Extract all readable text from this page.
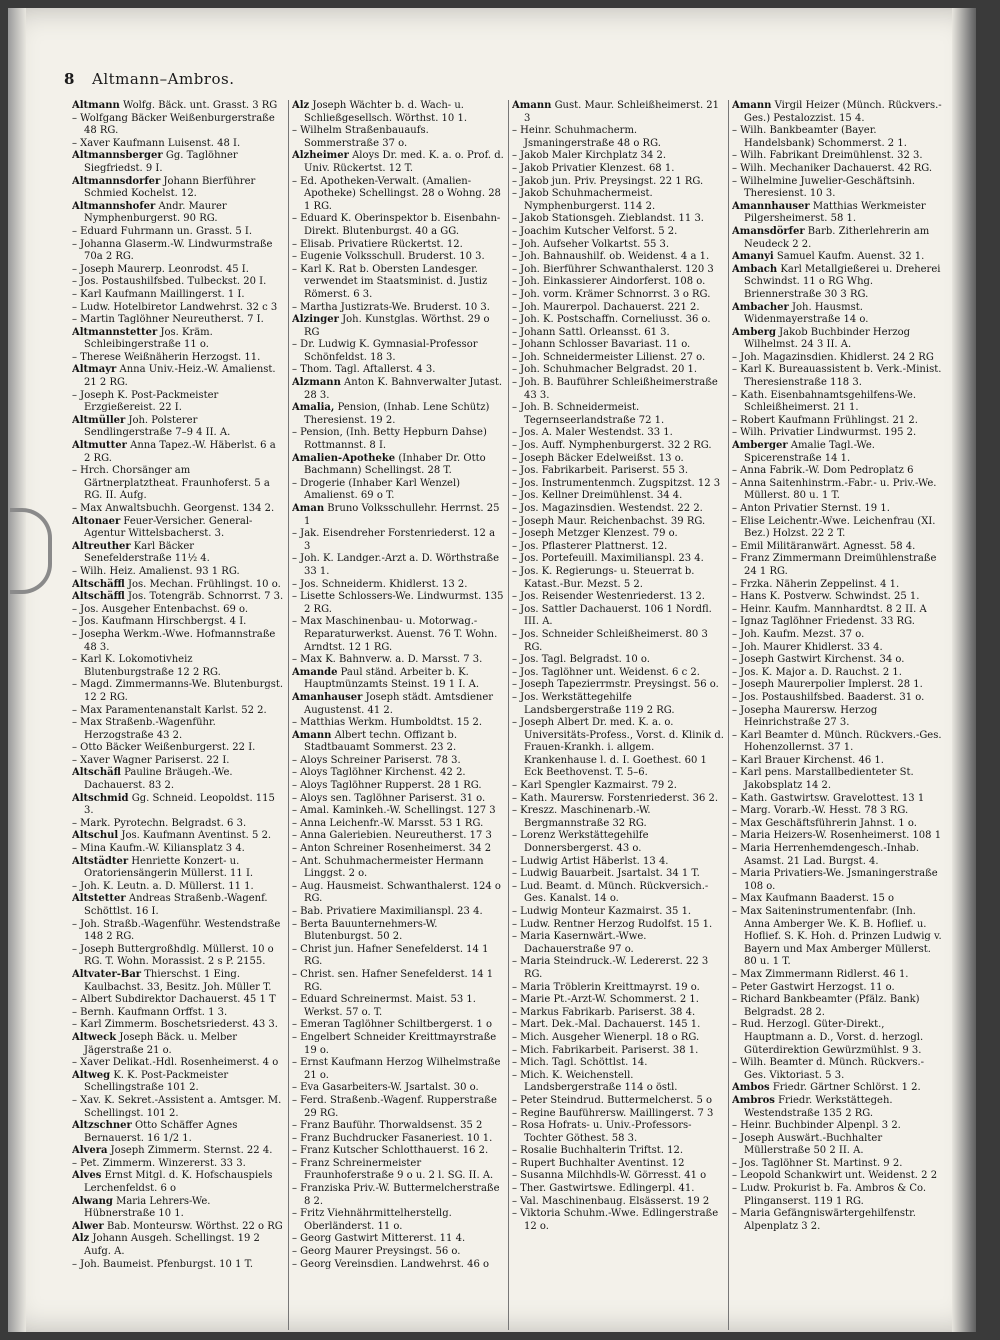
8 Altmann–Ambros.

Altmann Wolfg. Bäck. unt. Grasst. 3 RG

– Wolfgang Bäcker Weißenburgerstraße 48 RG.

– Xaver Kaufmann Luisenst. 48 I.

Altmannsberger Gg. Taglöhner Siegfriedst. 9 I.

Altmannsdorfer Johann Bierführer Schmied Kochelst. 12.

Altmannshofer Andr. Maurer Nymphenburgerst. 90 RG.

– Eduard Fuhrmann un. Grasst. 5 I.

– Johanna Glaserm.-W. Lindwurmstraße 70a 2 RG.

– Joseph Maurerp. Leonrodst. 45 I.

– Jos. Postaushilfsbed. Tulbeckst. 20 I.

– Karl Kaufmann Maillingerst. 1 I.

– Ludw. Hotelbiretor Landwehrst. 32 c 3

– Martin Taglöhner Neureutherst. 7 I.

Altmannstetter Jos. Kräm. Schleibingerstraße 11 o.

– Therese Weißnäherin Herzogst. 11.

Altmayr Anna Univ.-Heiz.-W. Amalienst. 21 2 RG.

– Joseph K. Post-Packmeister Erzgießereist. 22 I.

Altmüller Joh. Polsterer Sendlingerstraße 7–9 4 II. A.

Altmutter Anna Tapez.-W. Häberlst. 6 a 2 RG.

– Hrch. Chorsänger am Gärtnerplatztheat. Fraunhoferst. 5 a RG. II. Aufg.

– Max Anwaltsbuchh. Georgenst. 134 2.

Altonaer Feuer-Versicher. General-Agentur Wittelsbacherst. 3.

Altreuther Karl Bäcker Senefelderstraße 11½ 4.

– Wilh. Heiz. Amalienst. 93 1 RG.

Altschäffl Jos. Mechan. Frühlingst. 10 o.

Altschäffl Jos. Totengräb. Schnorrst. 7 3.

– Jos. Ausgeher Entenbachst. 69 o.

– Jos. Kaufmann Hirschbergst. 4 I.

– Josepha Werkm.-Wwe. Hofmannstraße 48 3.

– Karl K. Lokomotivheiz Blutenburgstraße 12 2 RG.

– Magd. Zimmermanns-We. Blutenburgst. 12 2 RG.

– Max Paramentenanstalt Karlst. 52 2.

– Max Straßenb.-Wagenführ. Herzogstraße 43 2.

– Otto Bäcker Weißenburgerst. 22 I.

– Xaver Wagner Pariserst. 22 I.

Altschäfl Pauline Bräugeh.-We. Dachauerst. 83 2.

Altschmid Gg. Schneid. Leopoldst. 115 3.

– Mark. Pyrotechn. Belgradst. 6 3.

Altschul Jos. Kaufmann Aventinst. 5 2.

– Mina Kaufm.-W. Kiliansplatz 3 4.

Altstädter Henriette Konzert- u. Oratoriensängerin Müllerst. 11 I.

– Joh. K. Leutn. a. D. Müllerst. 11 1.

Altstetter Andreas Straßenb.-Wagenf. Schöttlst. 16 I.

– Joh. Straßb.-Wagenführ. Westendstraße 148 2 RG.

– Joseph Buttergroßhdlg. Müllerst. 10 o RG. T. Wohn. Morassist. 2 s P. 2155.

Altvater-Bar Thierschst. 1 Eing. Kaulbachst. 33, Besitz. Joh. Müller T.

– Albert Subdirektor Dachauerst. 45 1 T

– Bernh. Kaufmann Orffst. 1 3.

– Karl Zimmerm. Boschetsriederst. 43 3.

Altweck Joseph Bäck. u. Melber Jägerstraße 21 o.

– Xaver Delikat.-Hdl. Rosenheimerst. 4 o

Altweg K. K. Post-Packmeister Schellingstraße 101 2.

– Xav. K. Sekret.-Assistent a. Amtsger. M. Schellingst. 101 2.

Altzschner Otto Schäffer Agnes Bernauerst. 16 1/2 1.

Alvera Joseph Zimmerm. Sternst. 22 4.

– Pet. Zimmerm. Winzererst. 33 3.

Alves Ernst Mitgl. d. K. Hofschauspiels Lerchenfeldst. 6 o

Alwang Maria Lehrers-We. Hübnerstraße 10 1.

Alwer Bab. Monteursw. Wörthst. 22 o RG

Alz Johann Ausgeh. Schellingst. 19 2 Aufg. A.

– Joh. Baumeist. Pfenburgst. 10 1 T.

Alz Joseph Wächter b. d. Wach- u. Schließgesellsch. Wörthst. 10 1.

– Wilhelm Straßenbauaufs. Sommerstraße 37 o.

Alzheimer Aloys Dr. med. K. a. o. Prof. d. Univ. Rückertst. 12 T.

– Ed. Apotheken-Verwalt. (Amalien-Apotheke) Schellingst. 28 o Wohng. 28 1 RG.

– Eduard K. Oberinspektor b. Eisenbahn-Direkt. Blutenburgst. 40 a GG.

– Elisab. Privatiere Rückertst. 12.

– Eugenie Volksschull. Bruderst. 10 3.

– Karl K. Rat b. Obersten Landesger. verwendet im Staatsminist. d. Justiz Römerst. 6 3.

– Martha Justizrats-We. Bruderst. 10 3.

Alzinger Joh. Kunstglas. Wörthst. 29 o RG

– Dr. Ludwig K. Gymnasial-Professor Schönfeldst. 18 3.

– Thom. Tagl. Aftallerst. 4 3.

Alzmann Anton K. Bahnverwalter Jutast. 28 3.

Amalia, Pension, (Inhab. Lene Schütz) Theresienst. 19 2.

– Pension, (Inh. Betty Hepburn Dahse) Rottmannst. 8 I.

Amalien-Apotheke (Inhaber Dr. Otto Bachmann) Schellingst. 28 T.

– Drogerie (Inhaber Karl Wenzel) Amalienst. 69 o T.

Aman Bruno Volksschullehr. Herrnst. 25 1

– Jak. Eisendreher Forstenriederst. 12 a 3

– Joh. K. Landger.-Arzt a. D. Wörthstraße 33 1.

– Jos. Schneiderm. Khidlerst. 13 2.

– Lisette Schlossers-We. Lindwurmst. 135 2 RG.

– Max Maschinenbau- u. Motorwag.-Reparaturwerkst. Auenst. 76 T. Wohn. Arndtst. 12 1 RG.

– Max K. Bahnverw. a. D. Marsst. 7 3.

Amande Paul ständ. Arbeiter b. K. Hauptmünzamts Steinst. 19 1 I. A.

Amanhauser Joseph städt. Amtsdiener Augustenst. 41 2.

– Matthias Werkm. Humboldtst. 15 2.

Amann Albert techn. Offizant b. Stadtbauamt Sommerst. 23 2.

– Aloys Schreiner Pariserst. 78 3.

– Aloys Taglöhner Kirchenst. 42 2.

– Aloys Taglöhner Rupperst. 28 1 RG.

– Aloys sen. Taglöhner Pariserst. 31 o.

– Amal. Kaminkeh.-W. Schellingst. 127 3

– Anna Leichenfr.-W. Marsst. 53 1 RG.

– Anna Galeriebien. Neureutherst. 17 3

– Anton Schreiner Rosenheimerst. 34 2

– Ant. Schuhmachermeister Hermann Linggst. 2 o.

– Aug. Hausmeist. Schwanthalerst. 124 o RG.

– Bab. Privatiere Maximilianspl. 23 4.

– Berta Bauunternehmers-W. Blutenburgst. 50 2.

– Christ jun. Hafner Senefelderst. 14 1 RG.

– Christ. sen. Hafner Senefelderst. 14 1 RG.

– Eduard Schreinermst. Maist. 53 1. Werkst. 57 o. T.

– Emeran Taglöhner Schiltbergerst. 1 o

– Engelbert Schneider Kreittmayrstraße 19 o.

– Ernst Kaufmann Herzog Wilhelmstraße 21 o.

– Eva Gasarbeiters-W. Jsartalst. 30 o.

– Ferd. Straßenb.-Wagenf. Rupperstraße 29 RG.

– Franz Bauführ. Thorwaldsenst. 35 2

– Franz Buchdrucker Fasaneriest. 10 1.

– Franz Kutscher Schlotthauerst. 16 2.

– Franz Schreinermeister Fraunhoferstraße 9 o u. 2 l. SG. II. A.

– Franziska Priv.-W. Buttermelcherstraße 8 2.

– Fritz Viehnährmittelherstellg. Oberländerst. 11 o.

– Georg Gastwirt Mittererst. 11 4.

– Georg Maurer Preysingst. 56 o.

– Georg Vereinsdien. Landwehrst. 46 o

Amann Gust. Maur. Schleißheimerst. 21 3

– Heinr. Schuhmacherm. Jsmaningerstraße 48 o RG.

– Jakob Maler Kirchplatz 34 2.

– Jakob Privatier Klenzest. 68 1.

– Jakob jun. Priv. Preysingst. 22 1 RG.

– Jakob Schuhmachermeist. Nymphenburgerst. 114 2.

– Jakob Stationsgeh. Zieblandst. 11 3.

– Joachim Kutscher Velforst. 5 2.

– Joh. Aufseher Volkartst. 55 3.

– Joh. Bahnaushilf. ob. Weidenst. 4 a 1.

– Joh. Bierführer Schwanthalerst. 120 3

– Joh. Einkassierer Aindorferst. 108 o.

– Joh. vorm. Krämer Schnorrst. 3 o RG.

– Joh. Maurerpol. Dachauerst. 221 2.

– Joh. K. Postschaffn. Corneliusst. 36 o.

– Johann Sattl. Orleansst. 61 3.

– Johann Schlosser Bavariast. 11 o.

– Joh. Schneidermeister Lilienst. 27 o.

– Joh. Schuhmacher Belgradst. 20 1.

– Joh. B. Bauführer Schleißheimerstraße 43 3.

– Joh. B. Schneidermeist. Tegernseerlandstraße 72 1.

– Jos. A. Maler Westendst. 33 1.

– Jos. Auff. Nymphenburgerst. 32 2 RG.

– Joseph Bäcker Edelweißst. 13 o.

– Jos. Fabrikarbeit. Pariserst. 55 3.

– Jos. Instrumentenmch. Zugspitzst. 12 3

– Jos. Kellner Dreimühlenst. 34 4.

– Jos. Magazinsdien. Westendst. 22 2.

– Joseph Maur. Reichenbachst. 39 RG.

– Joseph Metzger Klenzest. 79 o.

– Jos. Pflasterer Plattnerst. 12.

– Jos. Portefeuill. Maximilianspl. 23 4.

– Jos. K. Regierungs- u. Steuerrat b. Katast.-Bur. Mezst. 5 2.

– Jos. Reisender Westenriederst. 13 2.

– Jos. Sattler Dachauerst. 106 1 Nordfl. III. A.

– Jos. Schneider Schleißheimerst. 80 3 RG.

– Jos. Tagl. Belgradst. 10 o.

– Jos. Taglöhner unt. Weidenst. 6 c 2.

– Joseph Tapezierrmstr. Preysingst. 56 o.

– Jos. Werkstättegehilfe Landsbergerstraße 119 2 RG.

– Joseph Albert Dr. med. K. a. o. Universitäts-Profess., Vorst. d. Klinik d. Frauen-Krankh. i. allgem. Krankenhause l. d. I. Goethest. 60 1 Eck Beethovenst. T. 5–6.

– Karl Spengler Kazmairst. 79 2.

– Kath. Maurersw. Forstenriederst. 36 2.

– Kreszz. Maschinenarb.-W. Bergmannstraße 32 RG.

– Lorenz Werkstättegehilfe Donnersbergerst. 43 o.

– Ludwig Artist Häberlst. 13 4.

– Ludwig Bauarbeit. Jsartalst. 34 1 T.

– Lud. Beamt. d. Münch. Rückversich.-Ges. Kanalst. 14 o.

– Ludwig Monteur Kazmairst. 35 1.

– Ludw. Rentner Herzog Rudolfst. 15 1.

– Maria Kasernwärt.-Wwe. Dachauerstraße 97 o.

– Maria Steindruck.-W. Ledererst. 22 3 RG.

– Maria Tröblerin Kreittmayrst. 19 o.

– Marie Pt.-Arzt-W. Schommerst. 2 1.

– Markus Fabrikarb. Pariserst. 38 4.

– Mart. Dek.-Mal. Dachauerst. 145 1.

– Mich. Ausgeher Wienerpl. 18 o RG.

– Mich. Fabrikarbeit. Pariserst. 38 1.

– Mich. Tagl. Schöttlst. 14.

– Mich. K. Weichenstell. Landsbergerstraße 114 o östl.

– Peter Steindrud. Buttermelcherst. 5 o

– Regine Bauführersw. Maillingerst. 7 3

– Rosa Hofrats- u. Univ.-Professors-Tochter Göthest. 58 3.

– Rosalie Buchhalterin Triftst. 12.

– Rupert Buchhalter Aventinst. 12

– Susanna Milchhdls-W. Görresst. 41 o

– Ther. Gastwirtswe. Edlingerpl. 41.

– Val. Maschinenbaug. Elsässerst. 19 2

– Viktoria Schuhm.-Wwe. Edlingerstraße 12 o.

Amann Virgil Heizer (Münch. Rückvers.-Ges.) Pestalozzist. 15 4.

– Wilh. Bankbeamter (Bayer. Handelsbank) Schommerst. 2 1.

– Wilh. Fabrikant Dreimühlenst. 32 3.

– Wilh. Mechaniker Dachauerst. 42 RG.

– Wilhelmine Juwelier-Geschäftsinh. Theresienst. 10 3.

Amannhauser Matthias Werkmeister Pilgersheimerst. 58 1.

Amansdörfer Barb. Zitherlehrerin am Neudeck 2 2.

Amanyi Samuel Kaufm. Auenst. 32 1.

Ambach Karl Metallgießerei u. Dreherei Schwindst. 11 o RG Whg. Briennerstraße 30 3 RG.

Ambacher Joh. Hausmst. Widenmayerstraße 14 o.

Amberg Jakob Buchbinder Herzog Wilhelmst. 24 3 II. A.

– Joh. Magazinsdien. Khidlerst. 24 2 RG

– Karl K. Bureauassistent b. Verk.-Minist. Theresienstraße 118 3.

– Kath. Eisenbahnamtsgehilfens-We. Schleißheimerst. 21 1.

– Robert Kaufmann Frühlingst. 21 2.

– Wilh. Privatier Lindwurmst. 195 2.

Amberger Amalie Tagl.-We. Spicerenstraße 14 1.

– Anna Fabrik.-W. Dom Pedroplatz 6

– Anna Saitenhinstrm.-Fabr.- u. Priv.-We. Müllerst. 80 u. 1 T.

– Anton Privatier Sternst. 19 1.

– Elise Leichentr.-Wwe. Leichenfrau (XI. Bez.) Holzst. 22 2 T.

– Emil Militäranwärt. Agnesst. 58 4.

– Franz Zimmermann Dreimühlenstraße 24 1 RG.

– Frzka. Näherin Zeppelinst. 4 1.

– Hans K. Postverw. Schwindst. 25 1.

– Heinr. Kaufm. Mannhardtst. 8 2 II. A

– Ignaz Taglöhner Friedenst. 33 RG.

– Joh. Kaufm. Mezst. 37 o.

– Joh. Maurer Khidlerst. 33 4.

– Joseph Gastwirt Kirchenst. 34 o.

– Jos. K. Major a. D. Rauchst. 2 1.

– Joseph Maurerpolier Implerst. 28 1.

– Jos. Postaushilfsbed. Baaderst. 31 o.

– Josepha Maurersw. Herzog Heinrichstraße 27 3.

– Karl Beamter d. Münch. Rückvers.-Ges. Hohenzollernst. 37 1.

– Karl Brauer Kirchenst. 46 1.

– Karl pens. Marstallbedienteter St. Jakobsplatz 14 2.

– Kath. Gastwirtsw. Gravelottest. 13 1

– Marg. Vorarb.-W. Hesst. 78 3 RG.

– Max Geschäftsführerin Jahnst. 1 o.

– Maria Heizers-W. Rosenheimerst. 108 1

– Maria Herrenhemdengesch.-Inhab. Asamst. 21 Lad. Burgst. 4.

– Maria Privatiers-We. Jsmaningerstraße 108 o.

– Max Kaufmann Baaderst. 15 o

– Max Saiteninstrumentenfabr. (Inh. Anna Amberger We. K. B. Hoflief. u. Hoflief. S. K. Hoh. d. Prinzen Ludwig v. Bayern und Max Amberger Müllerst. 80 u. 1 T.

– Max Zimmermann Ridlerst. 46 1.

– Peter Gastwirt Herzogst. 11 o.

– Richard Bankbeamter (Pfälz. Bank) Belgradst. 28 2.

– Rud. Herzogl. Güter-Direkt., Hauptmann a. D., Vorst. d. herzogl. Güterdirektion Gewürzmühlst. 9 3.

– Wilh. Beamter d. Münch. Rückvers.-Ges. Viktoriast. 5 3.

Ambos Friedr. Gärtner Schlörst. 1 2.

Ambros Friedr. Werkstättegeh. Westendstraße 135 2 RG.

– Heinr. Buchbinder Alpenpl. 3 2.

– Joseph Auswärt.-Buchhalter Müllerstraße 50 2 II. A.

– Jos. Taglöhner St. Martinst. 9 2.

– Leopold Schankwirt unt. Weidenst. 2 2

– Ludw. Prokurist b. Fa. Ambros & Co. Plinganserst. 119 1 RG.

– Maria Gefängniswärtergehilfenstr. Alpenplatz 3 2.
